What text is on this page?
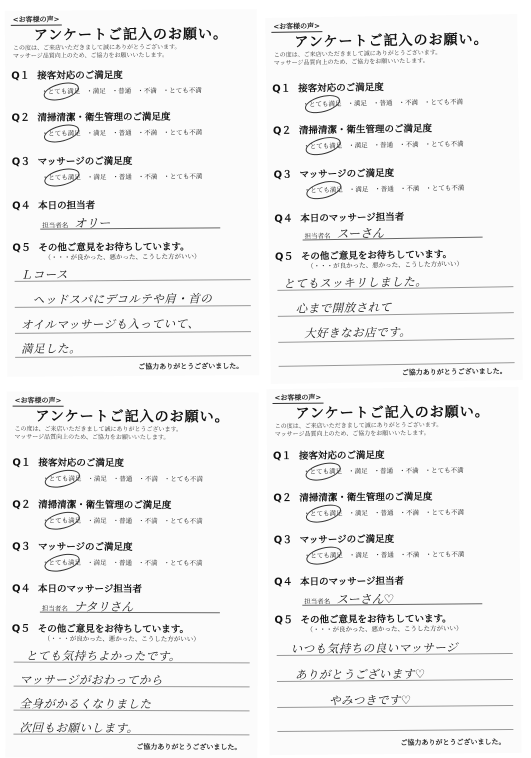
<お客様の声>
アンケートご記入のお願い。
この度は、ご来店いただきまして誠にありがとうございます。
マッサージ品質向上のため、ご協力をお願いいたします。
Q１ 接客対応のご満足度
・とても満足 ・満足 ・普通 ・不満 ・とても不満
Q２ 清掃清潔・衛生管理のご満足度
・とても満足 ・満足 ・普通 ・不満 ・とても不満
Q３ マッサージのご満足度
・とても満足 ・満足 ・普通 ・不満 ・とても不満
Q４ 本日の担当者
担当者名 オリー
Q５ その他ご意見をお待ちしています。
（・・・が良かった、悪かった、こうした方がいい）
Ｌコース
ヘッドスパにデコルテや肩・首の
オイルマッサージも入っていて、
満足した。
ご協力ありがとうございました。
<お客様の声>
アンケートご記入のお願い。
この度は、ご来店いただきまして誠にありがとうございます。
マッサージ品質向上のため、ご協力をお願いいたします。
Q１ 接客対応のご満足度
・とても満足 ・満足 ・普通 ・不満 ・とても不満
Q２ 清掃清潔・衛生管理のご満足度
・とても満足 ・満足 ・普通 ・不満 ・とても不満
Q３ マッサージのご満足度
・とても満足 ・満足 ・普通 ・不満 ・とても不満
Q４ 本日のマッサージ担当者
担当者名 スーさん
Q５ その他ご意見をお待ちしています。
（・・・が良かった、悪かった、こうした方がいい）
とてもスッキリしました。
心まで開放されて
大好きなお店です。
ご協力ありがとうございました。
<お客様の声>
アンケートご記入のお願い。
この度は、ご来店いただきまして誠にありがとうございます。
マッサージ品質向上のため、ご協力をお願いいたします。
Q１ 接客対応のご満足度
・とても満足 ・満足 ・普通 ・不満 ・とても不満
Q２ 清掃清潔・衛生管理のご満足度
・とても満足 ・満足 ・普通 ・不満 ・とても不満
Q３ マッサージのご満足度
・とても満足 ・満足 ・普通 ・不満 ・とても不満
Q４ 本日のマッサージ担当者
担当者名 ナタリさん
Q５ その他ご意見をお待ちしています。
（・・・が良かった、悪かった、こうした方がいい）
とても気持ちよかったです。
マッサージがおわってから
全身がかるくなりました
次回もお願いします。
ご協力ありがとうございました。
<お客様の声>
アンケートご記入のお願い。
この度は、ご来店いただきまして誠にありがとうございます。
マッサージ品質向上のため、ご協力をお願いいたします。
Q１ 接客対応のご満足度
・とても満足 ・満足 ・普通 ・不満 ・とても不満
Q２ 清掃清潔・衛生管理のご満足度
・とても満足 ・満足 ・普通 ・不満 ・とても不満
Q３ マッサージのご満足度
・とても満足 ・満足 ・普通 ・不満 ・とても不満
Q４ 本日のマッサージ担当者
担当者名 スーさん♡
Q５ その他ご意見をお待ちしています。
（・・・が良かった、悪かった、こうした方がいい）
いつも気持ちの良いマッサージ
ありがとうございます♡
やみつきです♡
ご協力ありがとうございました。
